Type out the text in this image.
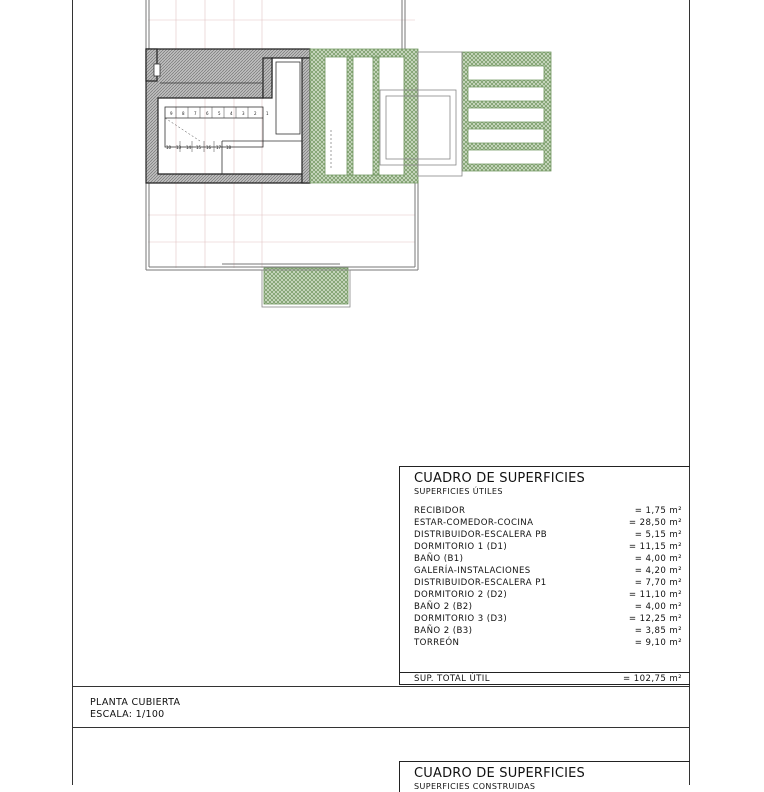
9 8 7 6 5 4 3 2 1
10 13 14 15 16 17 18
CUADRO DE SUPERFICIES
SUPERFICIES ÚTILES
RECIBIDOR	= 1,75 m²
ESTAR-COMEDOR-COCINA	= 28,50 m²
DISTRIBUIDOR-ESCALERA PB	= 5,15 m²
DORMITORIO 1 (D1)	= 11,15 m²
BAÑO (B1)	= 4,00 m²
GALERÍA-INSTALACIONES	= 4,20 m²
DISTRIBUIDOR-ESCALERA P1	= 7,70 m²
DORMITORIO 2 (D2)	= 11,10 m²
BAÑO 2 (B2)	= 4,00 m²
DORMITORIO 3 (D3)	= 12,25 m²
BAÑO 2 (B3)	= 3,85 m²
TORREÓN	= 9,10 m²
SUP. TOTAL ÚTIL	= 102,75 m²
PLANTA CUBIERTA
ESCALA: 1/100
CUADRO DE SUPERFICIES
SUPERFICIES CONSTRUIDAS
